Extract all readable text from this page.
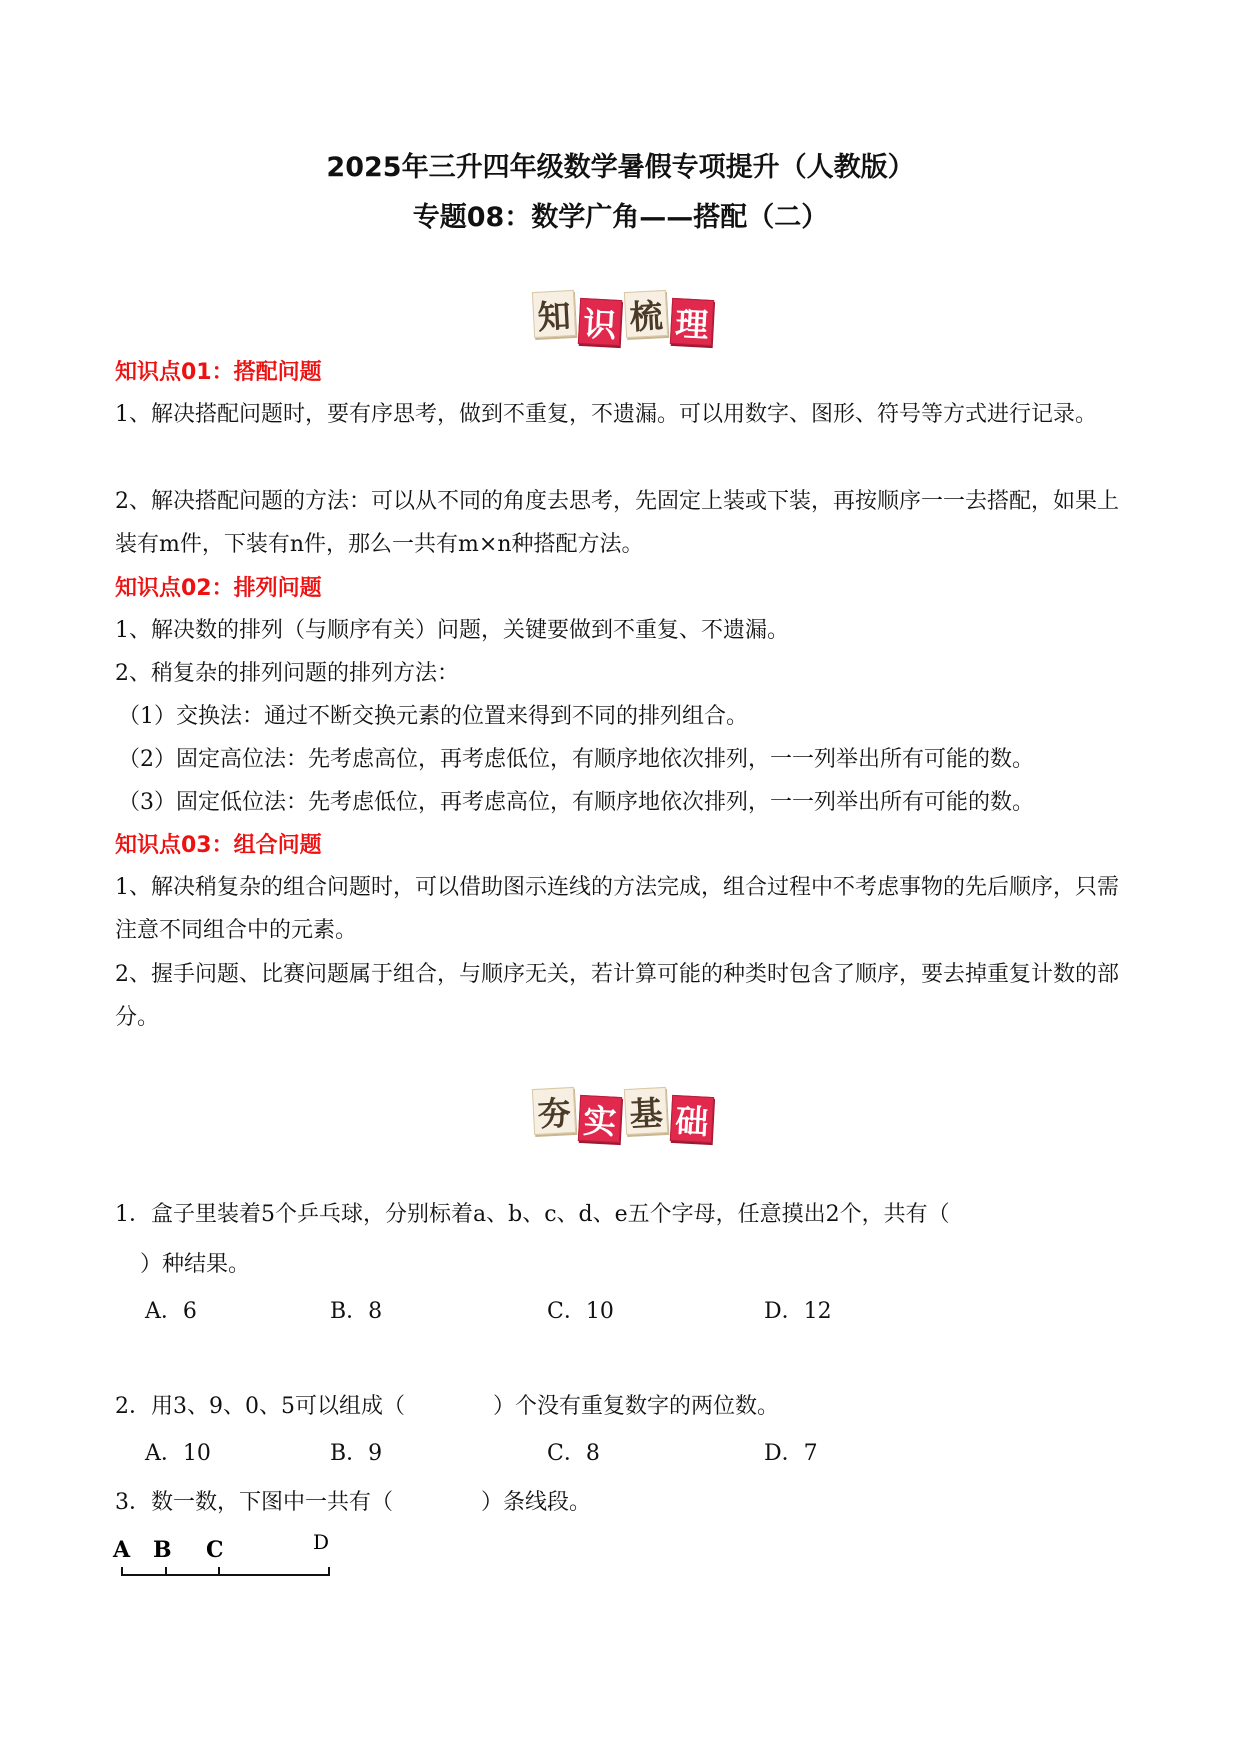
2025年三升四年级数学暑假专项提升（人教版）
专题08：数学广角——搭配（二）
知 识 梳 理
知识点01：搭配问题
1、解决搭配问题时，要有序思考，做到不重复，不遗漏。可以用数字、图形、符号等方式进行记录。
2、解决搭配问题的方法：可以从不同的角度去思考，先固定上装或下装，再按顺序一一去搭配，如果上装有m件，下装有n件，那么一共有m×n种搭配方法。
知识点02：排列问题
1、解决数的排列（与顺序有关）问题，关键要做到不重复、不遗漏。
2、稍复杂的排列问题的排列方法：
（1）交换法：通过不断交换元素的位置来得到不同的排列组合。
（2）固定高位法：先考虑高位，再考虑低位，有顺序地依次排列，一一列举出所有可能的数。
（3）固定低位法：先考虑低位，再考虑高位，有顺序地依次排列，一一列举出所有可能的数。
知识点03：组合问题
1、解决稍复杂的组合问题时，可以借助图示连线的方法完成，组合过程中不考虑事物的先后顺序，只需注意不同组合中的元素。
2、握手问题、比赛问题属于组合，与顺序无关，若计算可能的种类时包含了顺序，要去掉重复计数的部分。
夯 实 基 础
1．盒子里装着5个乒乓球，分别标着a、b、c、d、e五个字母，任意摸出2个，共有（
）种结果。
A．6	B．8	C．10	D．12
2．用3、9、0、5可以组成（　　　　）个没有重复数字的两位数。
A．10	B．9	C．8	D．7
3．数一数，下图中一共有（　　　　）条线段。
A B C	D
